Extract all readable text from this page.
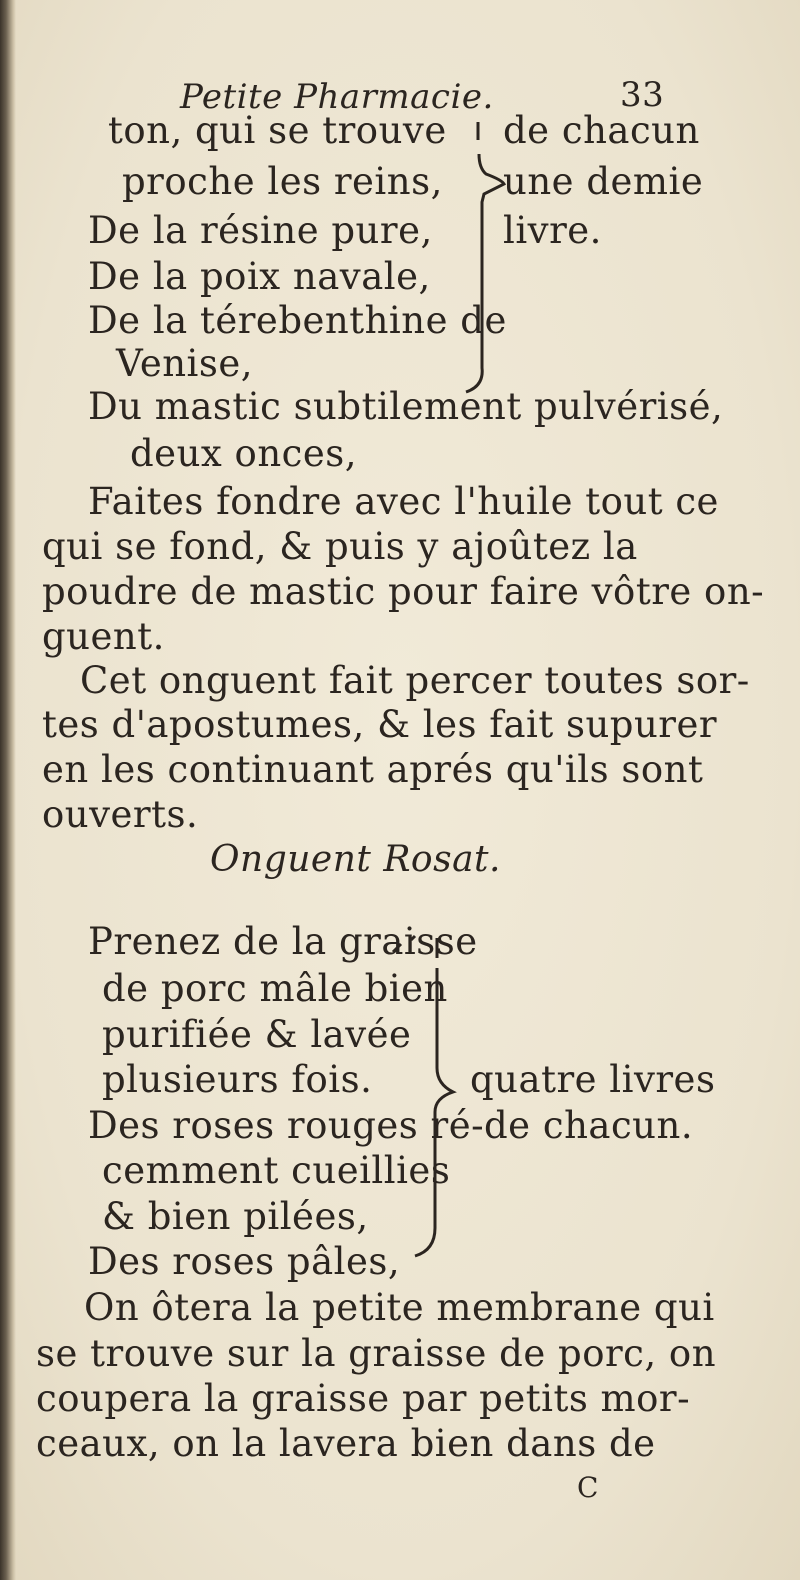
Petite Pharmacie.	33
ton, qui se trouve
proche les reins,
De la résine pure,
De la poix navale,
De la térebenthine de
Venise,
de chacun
une demie
livre.
Du mastic subtilement pulvérisé,
deux onces,
Faites fondre avec l'huile tout ce
qui se fond, & puis y ajoûtez la
poudre de mastic pour faire vôtre on-
guent.
Cet onguent fait percer toutes sor-
tes d'apostumes, & les fait supurer
en les continuant aprés qu'ils sont
ouverts.
Onguent Rosat.
Prenez de la graisse
de porc mâle bien
purifiée & lavée
plusieurs fois.
Des roses rouges ré-
cemment cueillies
& bien pilées,
Des roses pâles,
quatre livres
de chacun.
On ôtera la petite membrane qui
se trouve sur la graisse de porc, on
coupera la graisse par petits mor-
ceaux, on la lavera bien dans de
C
